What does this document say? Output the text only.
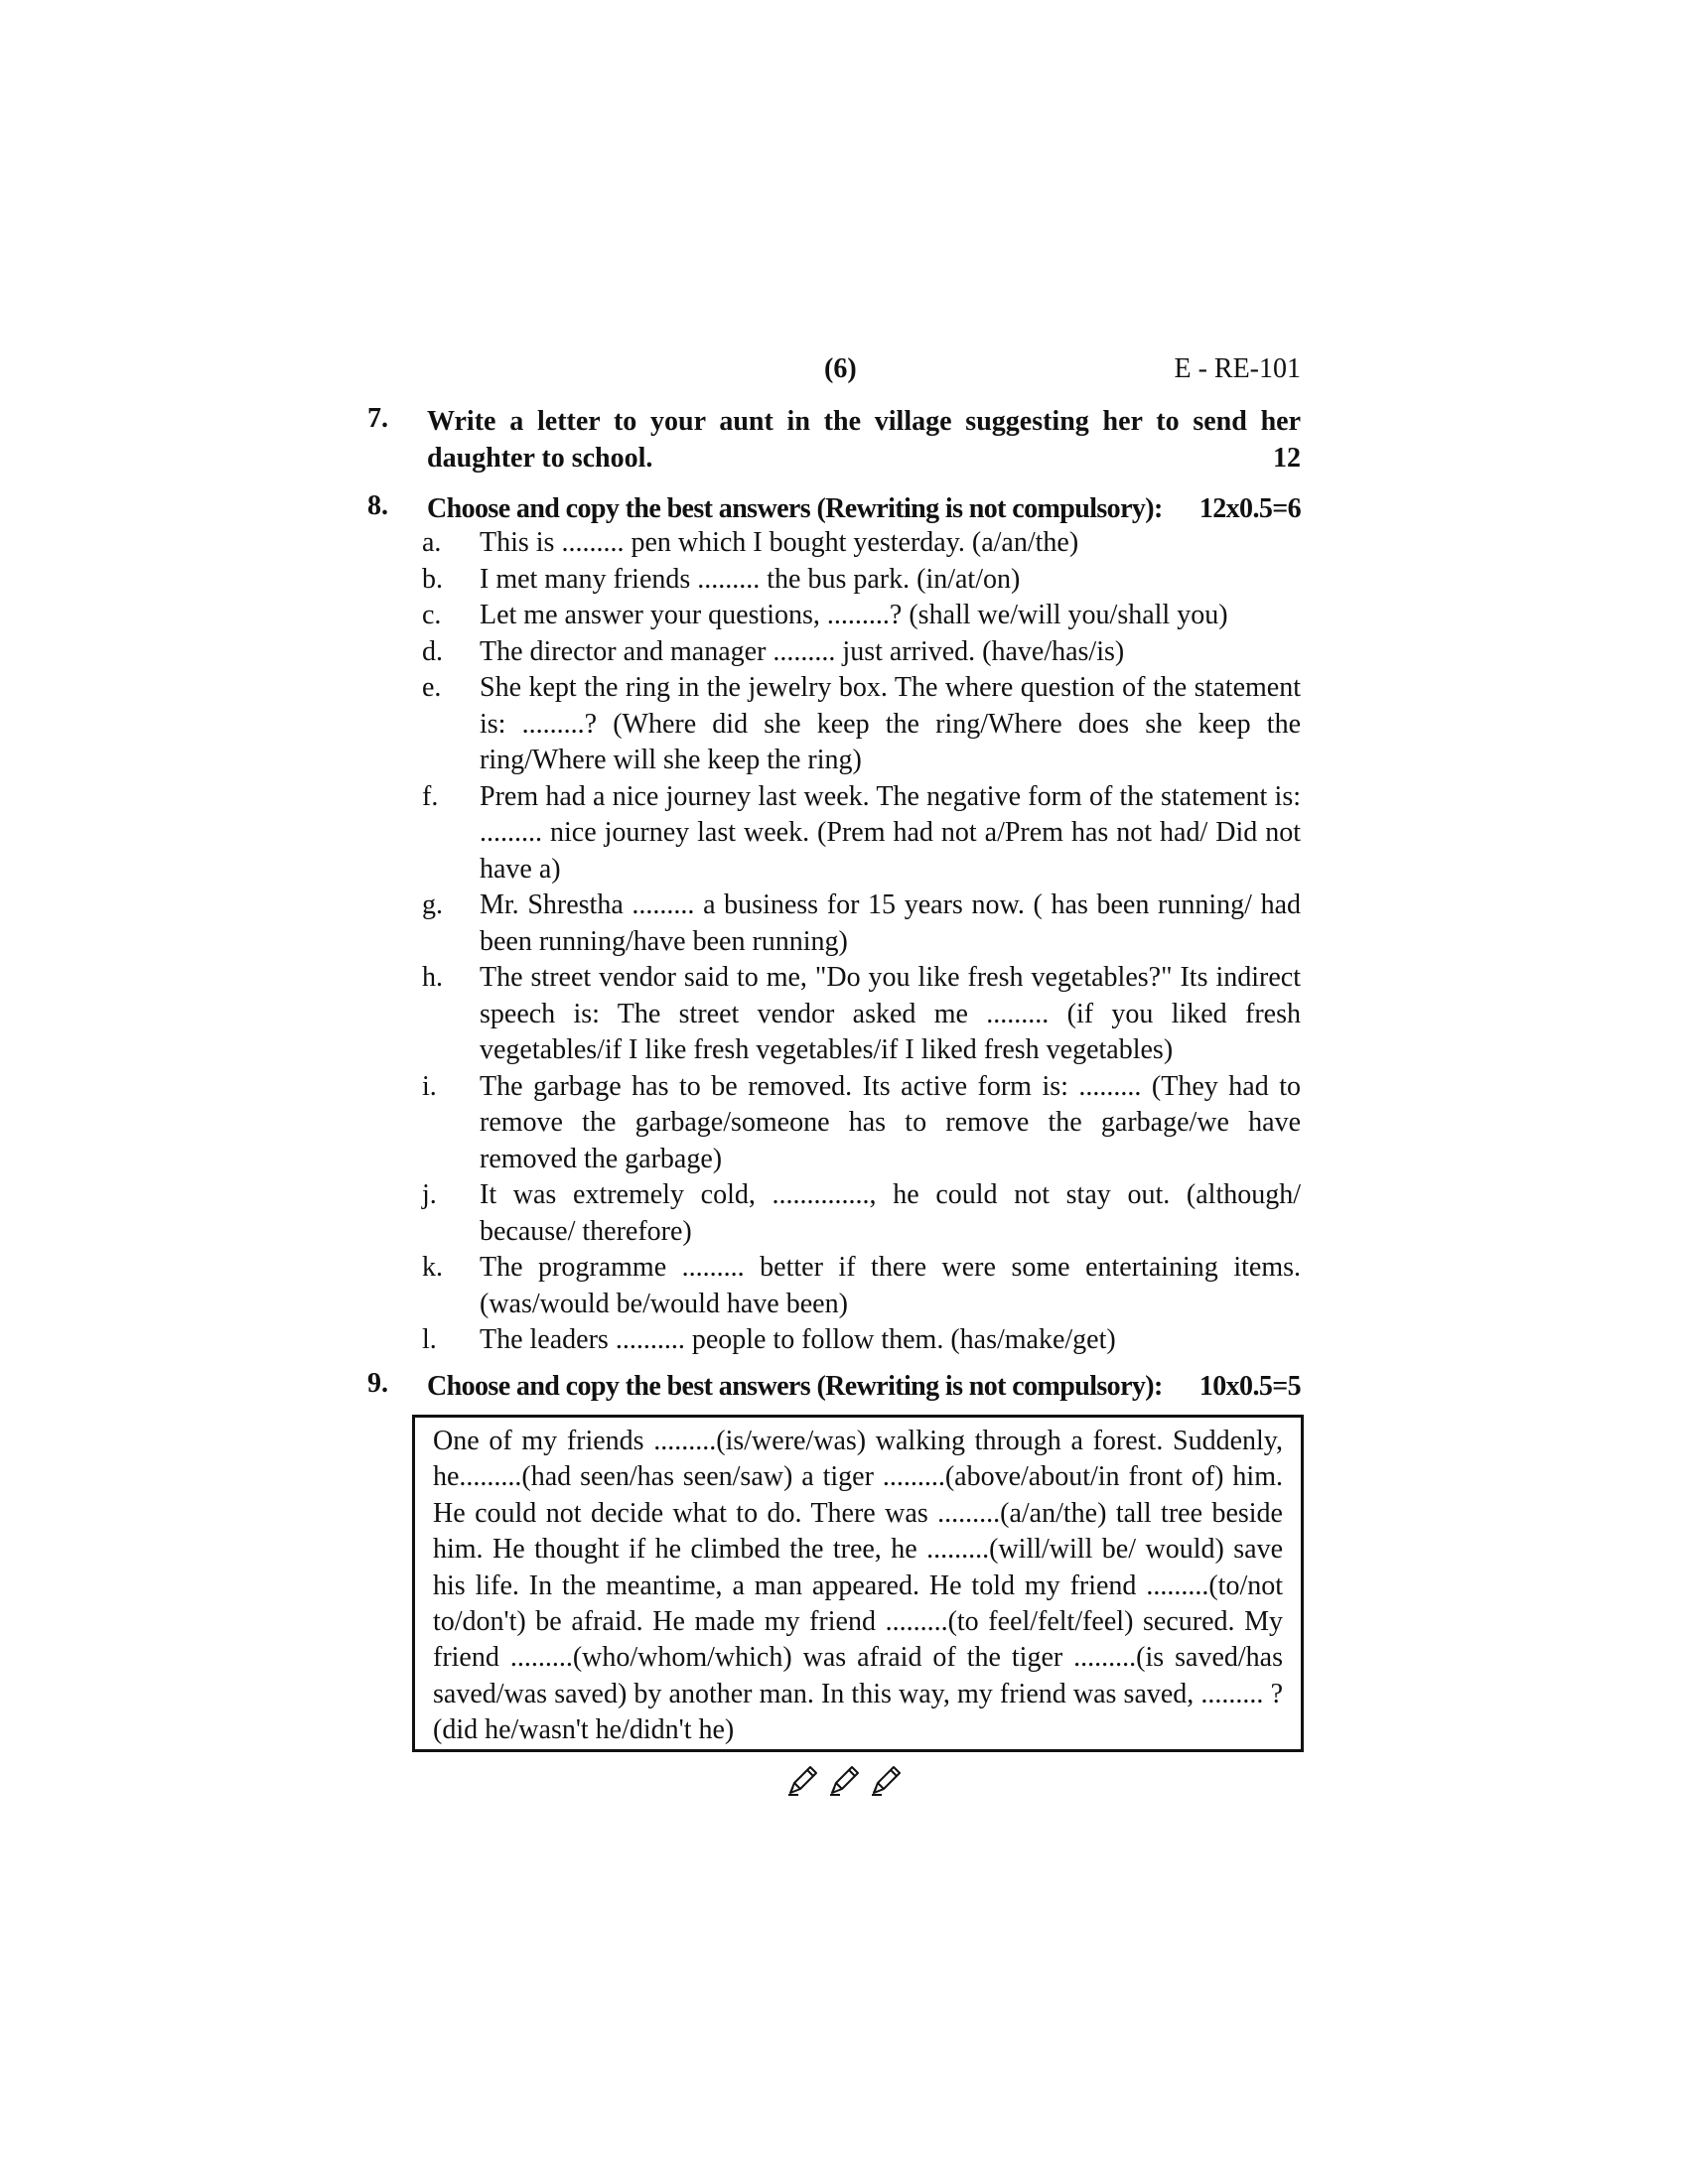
(6)	E - RE-101
7. Write a letter to your aunt in the village suggesting her to send her
daughter to school.	12
8. Choose and copy the best answers (Rewriting is not compulsory): 12x0.5=6
a. This is ......... pen which I bought yesterday. (a/an/the)
b. I met many friends ......... the bus park. (in/at/on)
c. Let me answer your questions, .........? (shall we/will you/shall you)
d. The director and manager ......... just arrived. (have/has/is)
e. She kept the ring in the jewelry box. The where question of the statement is: .........? (Where did she keep the ring/Where does she keep the ring/Where will she keep the ring)
f. Prem had a nice journey last week. The negative form of the statement is: ......... nice journey last week. (Prem had not a/Prem has not had/ Did not have a)
g. Mr. Shrestha ......... a business for 15 years now. ( has been running/ had been running/have been running)
h. The street vendor said to me, "Do you like fresh vegetables?" Its indirect speech is: The street vendor asked me ......... (if you liked fresh vegetables/if I like fresh vegetables/if I liked fresh vegetables)
i. The garbage has to be removed. Its active form is: ......... (They had to remove the garbage/someone has to remove the garbage/we have removed the garbage)
j. It was extremely cold, .............., he could not stay out. (although/ because/ therefore)
k. The programme ......... better if there were some entertaining items. (was/would be/would have been)
l. The leaders .......... people to follow them. (has/make/get)
9. Choose and copy the best answers (Rewriting is not compulsory): 10x0.5=5

One of my friends .........(is/were/was) walking through a forest. Suddenly, he.........(had seen/has seen/saw) a tiger .........(above/about/in front of) him. He could not decide what to do. There was .........(a/an/the) tall tree beside him. He thought if he climbed the tree, he .........(will/will be/ would) save his life. In the meantime, a man appeared. He told my friend .........(to/not to/don't) be afraid. He made my friend .........(to feel/felt/feel) secured. My friend .........(who/whom/which) was afraid of the tiger .........(is saved/has saved/was saved) by another man. In this way, my friend was saved, ......... ? (did he/wasn't he/didn't he)
